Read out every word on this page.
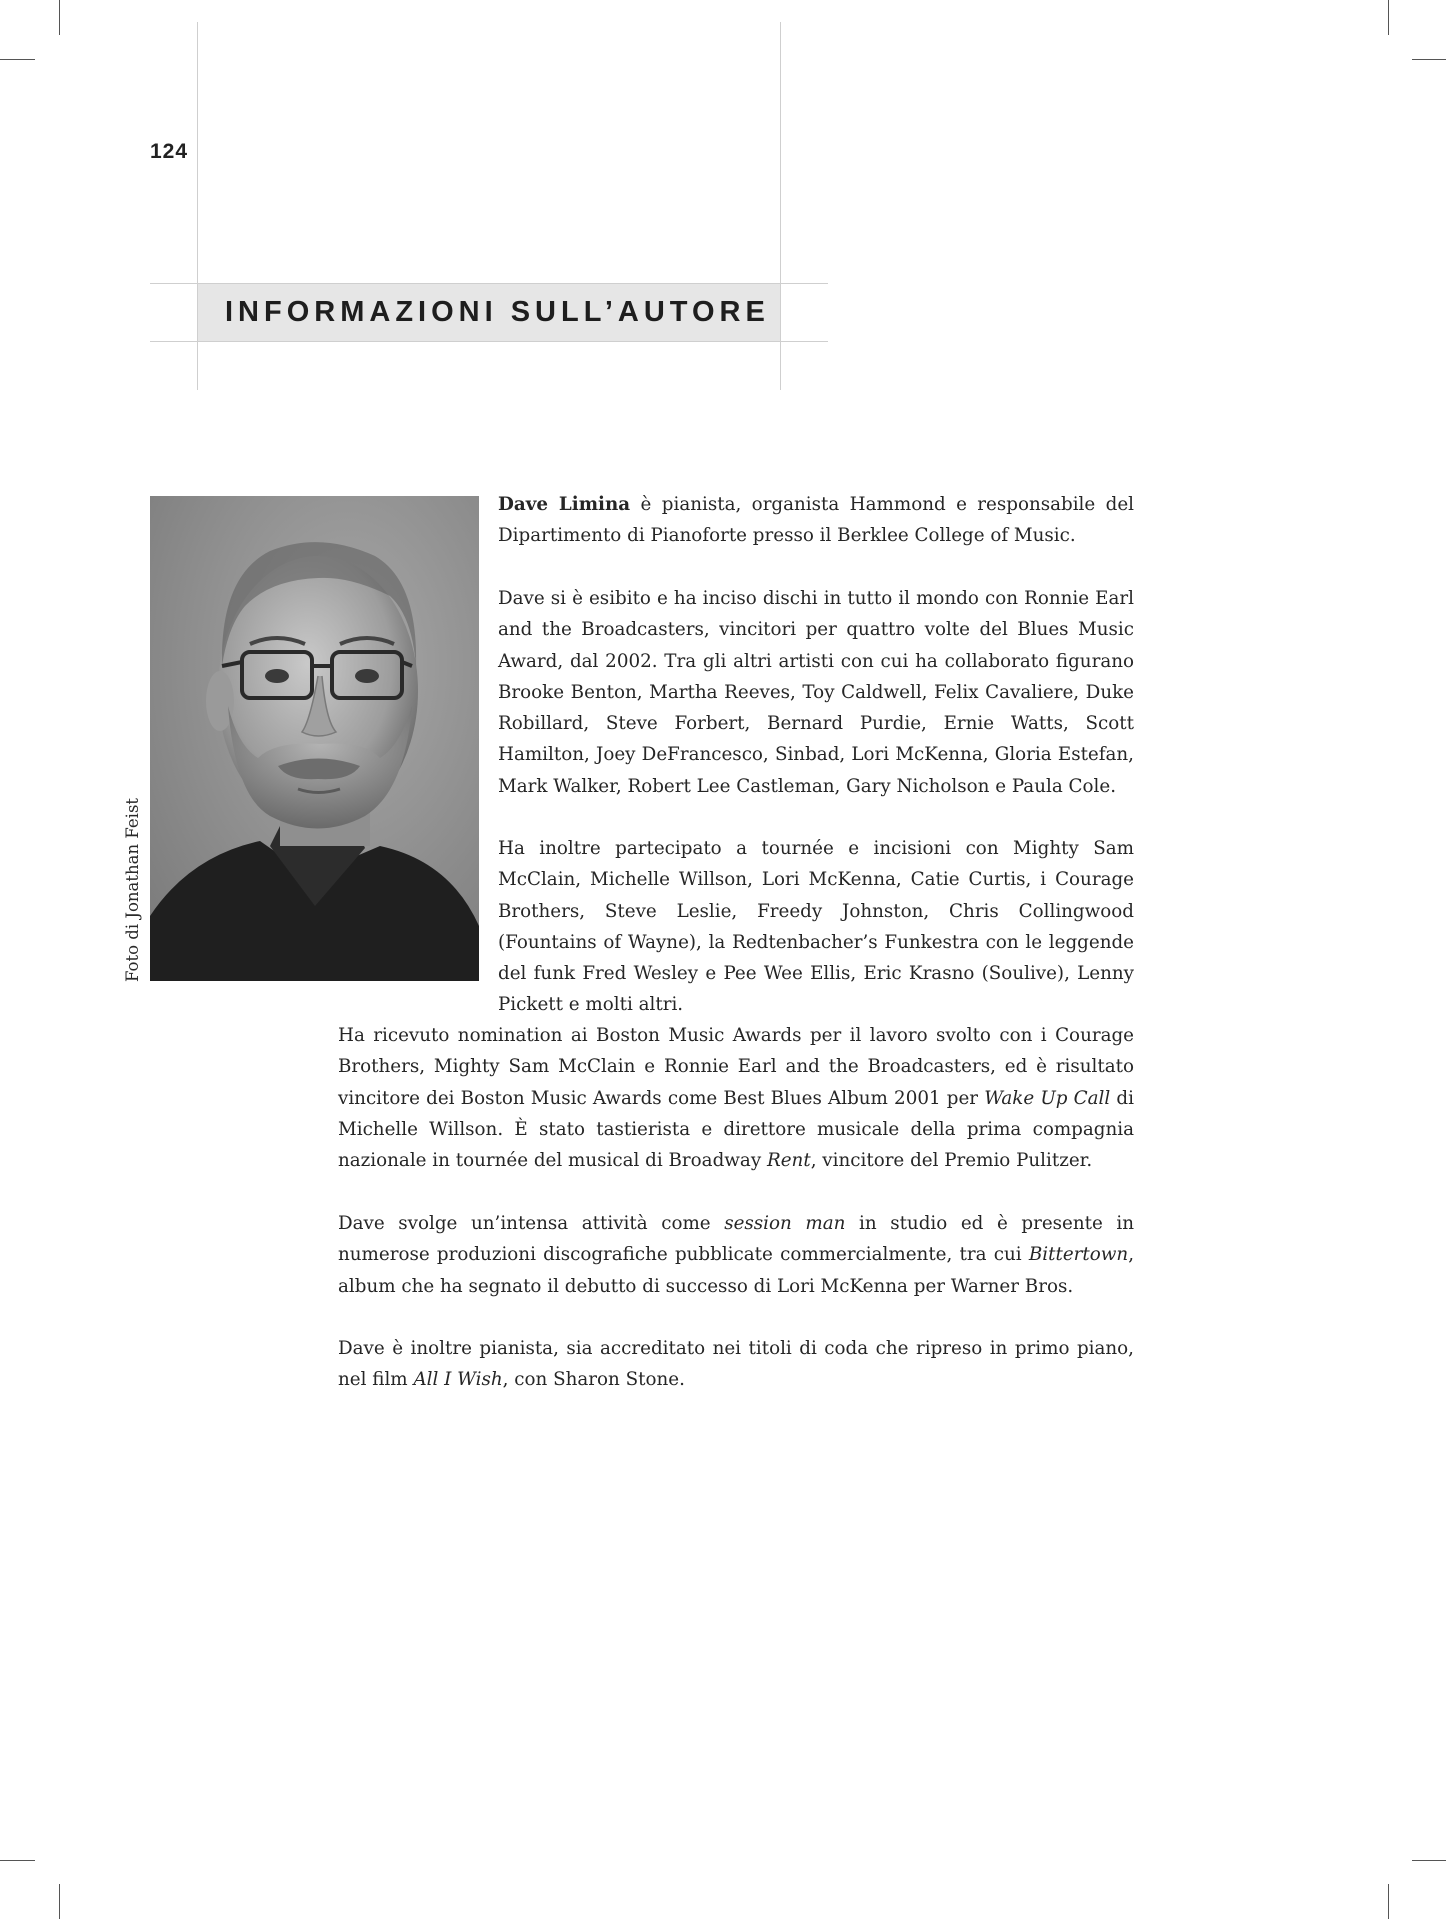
124
INFORMAZIONI SULL’AUTORE
Foto di Jonathan Feist

Dave Limina è pianista, organista Hammond e responsabile del Dipartimento di Pianoforte presso il Berklee College of Music.

Dave si è esibito e ha inciso dischi in tutto il mondo con Ronnie Earl and the Broadcasters, vincitori per quattro volte del Blues Music Award, dal 2002. Tra gli altri artisti con cui ha collaborato figurano Brooke Benton, Martha Reeves, Toy Caldwell, Felix Cavaliere, Duke Robillard, Steve Forbert, Bernard Purdie, Ernie Watts, Scott Hamilton, Joey DeFrancesco, Sinbad, Lori McKenna, Gloria Estefan, Mark Walker, Robert Lee Castleman, Gary Nicholson e Paula Cole.

Ha inoltre partecipato a tournée e incisioni con Mighty Sam McClain, Michelle Willson, Lori McKenna, Catie Curtis, i Courage Brothers, Steve Leslie, Freedy Johnston, Chris Collingwood (Fountains of Wayne), la Redtenbacher’s Funkestra con le leggende del funk Fred Wesley e Pee Wee Ellis, Eric Krasno (Soulive), Lenny Pickett e molti altri.

Ha ricevuto nomination ai Boston Music Awards per il lavoro svolto con i Courage Brothers, Mighty Sam McClain e Ronnie Earl and the Broadcasters, ed è risultato vincitore dei Boston Music Awards come Best Blues Album 2001 per Wake Up Call di Michelle Willson. È stato tastierista e direttore musicale della prima compagnia nazionale in tournée del musical di Broadway Rent, vincitore del Premio Pulitzer.

Dave svolge un’intensa attività come session man in studio ed è presente in numerose produzioni discografiche pubblicate commercialmente, tra cui Bittertown, album che ha segnato il debutto di successo di Lori McKenna per Warner Bros.

Dave è inoltre pianista, sia accreditato nei titoli di coda che ripreso in primo piano, nel film All I Wish, con Sharon Stone.
